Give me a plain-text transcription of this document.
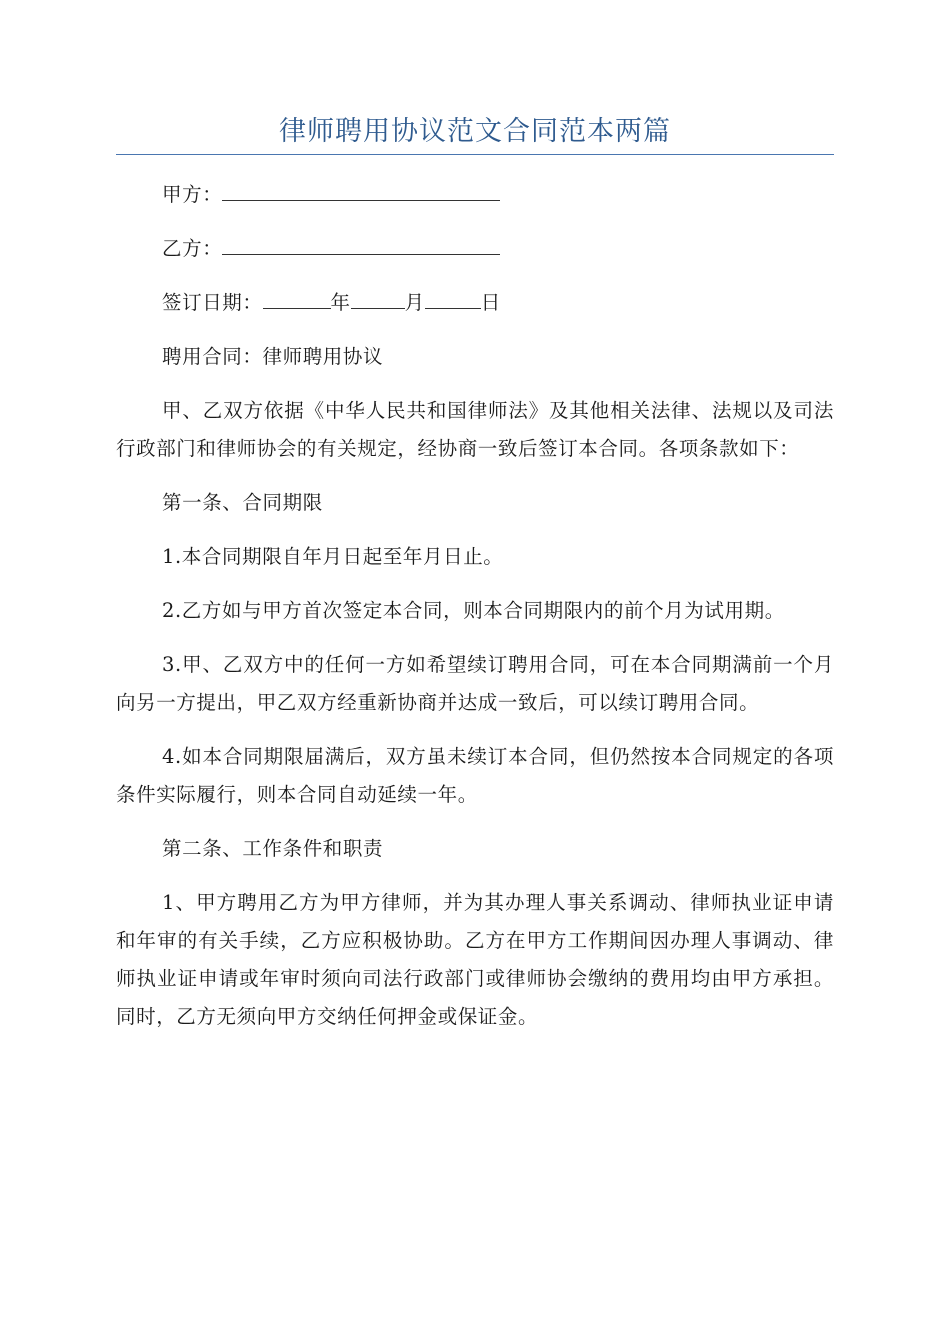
律师聘用协议范文合同范本两篇

甲方：

乙方：

签订日期：	年	月	日

聘用合同：律师聘用协议

甲、乙双方依据《中华人民共和国律师法》及其他相关法律、法规以及司法行政部门和律师协会的有关规定，经协商一致后签订本合同。各项条款如下：

第一条、合同期限

1.本合同期限自年月日起至年月日止。

2.乙方如与甲方首次签定本合同，则本合同期限内的前个月为试用期。

3.甲、乙双方中的任何一方如希望续订聘用合同，可在本合同期满前一个月向另一方提出，甲乙双方经重新协商并达成一致后，可以续订聘用合同。

4.如本合同期限届满后，双方虽未续订本合同，但仍然按本合同规定的各项条件实际履行，则本合同自动延续一年。

第二条、工作条件和职责

1、甲方聘用乙方为甲方律师，并为其办理人事关系调动、律师执业证申请和年审的有关手续，乙方应积极协助。乙方在甲方工作期间因办理人事调动、律师执业证申请或年审时须向司法行政部门或律师协会缴纳的费用均由甲方承担。同时，乙方无须向甲方交纳任何押金或保证金。
